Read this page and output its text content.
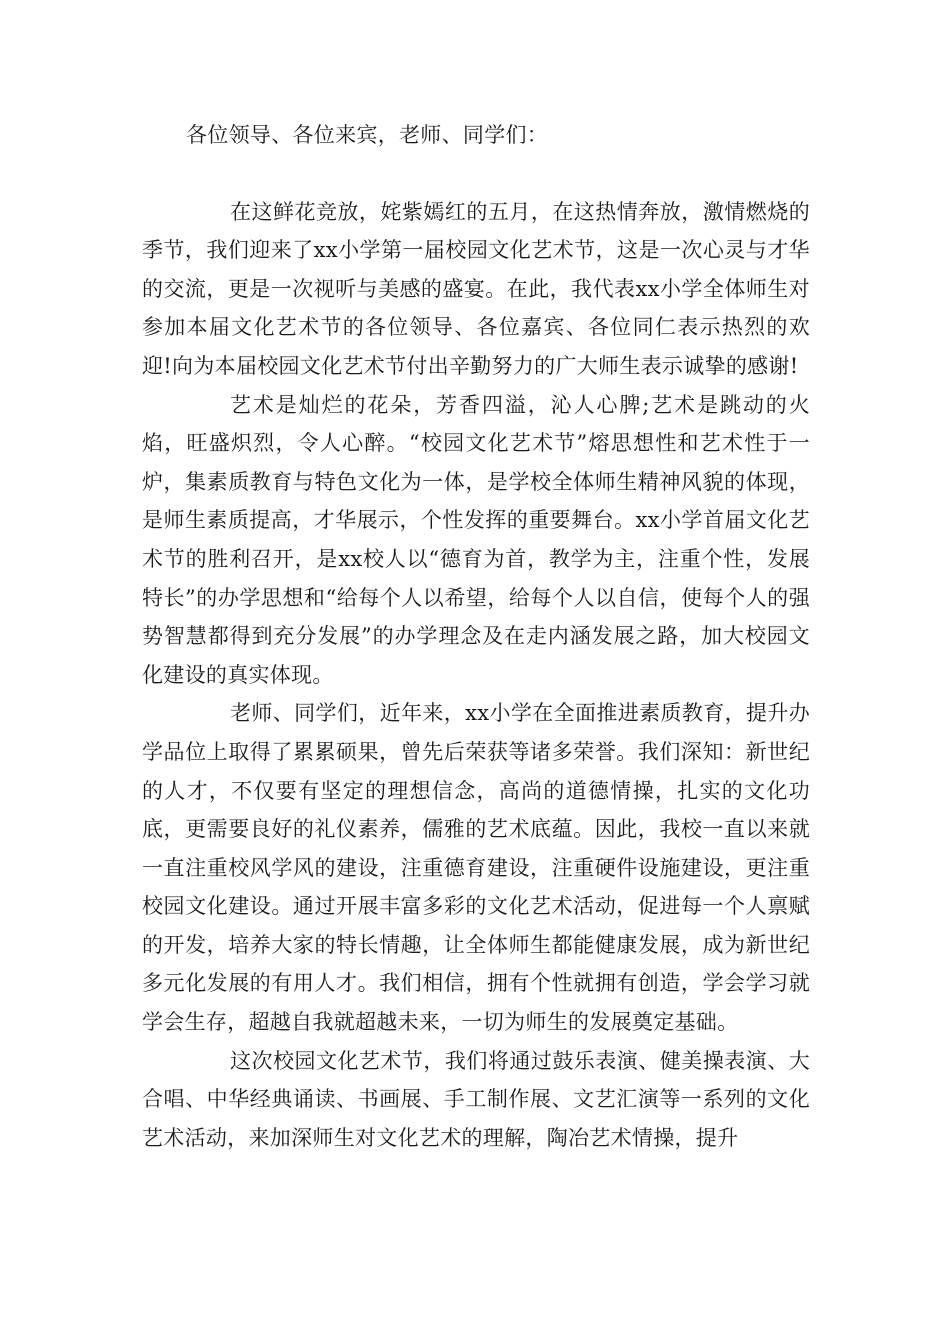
各位领导、各位来宾，老师、同学们：

在这鲜花竞放，姹紫嫣红的五月，在这热情奔放，激情燃烧的季节，我们迎来了xx小学第一届校园文化艺术节，这是一次心灵与才华的交流，更是一次视听与美感的盛宴。在此，我代表xx小学全体师生对参加本届文化艺术节的各位领导、各位嘉宾、各位同仁表示热烈的欢迎!向为本届校园文化艺术节付出辛勤努力的广大师生表示诚挚的感谢!

艺术是灿烂的花朵，芳香四溢，沁人心脾;艺术是跳动的火焰，旺盛炽烈，令人心醉。“校园文化艺术节”熔思想性和艺术性于一炉，集素质教育与特色文化为一体，是学校全体师生精神风貌的体现，是师生素质提高，才华展示，个性发挥的重要舞台。xx小学首届文化艺术节的胜利召开，是xx校人以“德育为首，教学为主，注重个性，发展特长”的办学思想和“给每个人以希望，给每个人以自信，使每个人的强势智慧都得到充分发展”的办学理念及在走内涵发展之路，加大校园文化建设的真实体现。

老师、同学们，近年来，xx小学在全面推进素质教育，提升办学品位上取得了累累硕果，曾先后荣获等诸多荣誉。我们深知：新世纪的人才，不仅要有坚定的理想信念，高尚的道德情操，扎实的文化功底，更需要良好的礼仪素养，儒雅的艺术底蕴。因此，我校一直以来就一直注重校风学风的建设，注重德育建设，注重硬件设施建设，更注重校园文化建设。通过开展丰富多彩的文化艺术活动，促进每一个人禀赋的开发，培养大家的特长情趣，让全体师生都能健康发展，成为新世纪多元化发展的有用人才。我们相信，拥有个性就拥有创造，学会学习就学会生存，超越自我就超越未来，一切为师生的发展奠定基础。

这次校园文化艺术节，我们将通过鼓乐表演、健美操表演、大合唱、中华经典诵读、书画展、手工制作展、文艺汇演等一系列的文化艺术活动，来加深师生对文化艺术的理解，陶冶艺术情操，提升
